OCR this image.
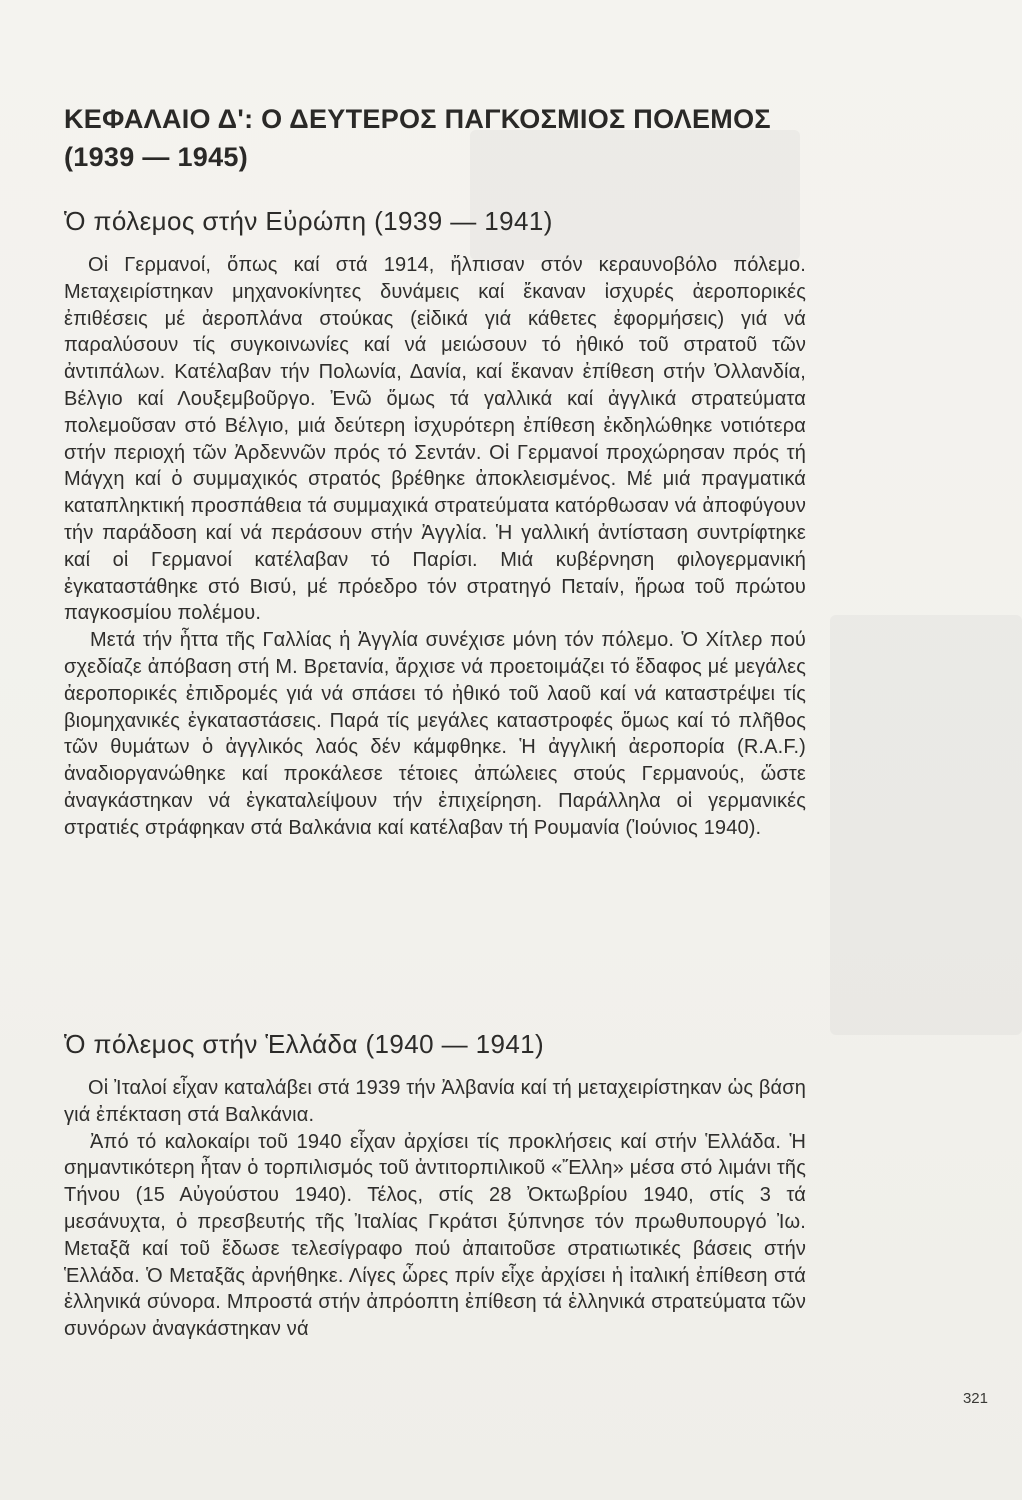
ΚΕΦΑΛΑΙΟ Δ': Ο ΔΕΥΤΕΡΟΣ ΠΑΓΚΟΣΜΙΟΣ ΠΟΛΕΜΟΣ
(1939 — 1945)
Ὁ πόλεμος στήν Εὐρώπη (1939 — 1941)

Οἱ Γερμανοί, ὅπως καί στά 1914, ἤλπισαν στόν κεραυνοβόλο πόλεμο. Μεταχειρίστηκαν μηχανοκίνητες δυνάμεις καί ἔκαναν ἰσχυρές ἀεροπορικές ἐπιθέσεις μέ ἀεροπλάνα στούκας (εἰδικά γιά κάθετες ἐφορμήσεις) γιά νά παραλύσουν τίς συγκοινωνίες καί νά μειώσουν τό ἠθικό τοῦ στρατοῦ τῶν ἀντιπάλων. Κατέλαβαν τήν Πολωνία, Δανία, καί ἔκαναν ἐπίθεση στήν Ὀλλανδία, Βέλγιο καί Λουξεμβοῦργο. Ἐνῶ ὅμως τά γαλλικά καί ἀγγλικά στρατεύματα πολεμοῦσαν στό Βέλγιο, μιά δεύτερη ἰσχυρότερη ἐπίθεση ἐκδηλώθηκε νοτιότερα στήν περιοχή τῶν Ἀρδεννῶν πρός τό Σεντάν. Οἱ Γερμανοί προχώρησαν πρός τή Μάγχη καί ὁ συμμαχικός στρατός βρέθηκε ἀποκλεισμένος. Μέ μιά πραγματικά καταπληκτική προσπάθεια τά συμμαχικά στρατεύματα κατόρθωσαν νά ἀποφύγουν τήν παράδοση καί νά περάσουν στήν Ἀγγλία. Ἡ γαλλική ἀντίσταση συντρίφτηκε καί οἱ Γερμανοί κατέλαβαν τό Παρίσι. Μιά κυβέρνηση φιλογερμανική ἐγκαταστάθηκε στό Βισύ, μέ πρόεδρο τόν στρατηγό Πεταίν, ἥρωα τοῦ πρώτου παγκοσμίου πολέμου.

Μετά τήν ἧττα τῆς Γαλλίας ἡ Ἀγγλία συνέχισε μόνη τόν πόλεμο. Ὁ Χίτλερ πού σχεδίαζε ἀπόβαση στή Μ. Βρετανία, ἄρχισε νά προετοιμάζει τό ἔδαφος μέ μεγάλες ἀεροπορικές ἐπιδρομές γιά νά σπάσει τό ἠθικό τοῦ λαοῦ καί νά καταστρέψει τίς βιομηχανικές ἐγκαταστάσεις. Παρά τίς μεγάλες καταστροφές ὅμως καί τό πλῆθος τῶν θυμάτων ὁ ἀγγλικός λαός δέν κάμφθηκε. Ἡ ἀγγλική ἀεροπορία (R.A.F.) ἀναδιοργανώθηκε καί προκάλεσε τέτοιες ἀπώλειες στούς Γερμανούς, ὥστε ἀναγκάστηκαν νά ἐγκαταλείψουν τήν ἐπιχείρηση. Παράλληλα οἱ γερμανικές στρατιές στράφηκαν στά Βαλκάνια καί κατέλαβαν τή Ρουμανία (Ἰούνιος 1940).

Ὁ πόλεμος στήν Ἑλλάδα (1940 — 1941)

Οἱ Ἰταλοί εἶχαν καταλάβει στά 1939 τήν Ἀλβανία καί τή μεταχειρίστηκαν ὡς βάση γιά ἐπέκταση στά Βαλκάνια.

Ἀπό τό καλοκαίρι τοῦ 1940 εἶχαν ἀρχίσει τίς προκλήσεις καί στήν Ἑλλάδα. Ἡ σημαντικότερη ἦταν ὁ τορπιλισμός τοῦ ἀντιτορπιλικοῦ «Ἔλλη» μέσα στό λιμάνι τῆς Τήνου (15 Αὐγούστου 1940). Τέλος, στίς 28 Ὀκτωβρίου 1940, στίς 3 τά μεσάνυχτα, ὁ πρεσβευτής τῆς Ἰταλίας Γκράτσι ξύπνησε τόν πρωθυπουργό Ἰω. Μεταξᾶ καί τοῦ ἔδωσε τελεσίγραφο πού ἀπαιτοῦσε στρατιωτικές βάσεις στήν Ἑλλάδα. Ὁ Μεταξᾶς ἀρνήθηκε. Λίγες ὧρες πρίν εἶχε ἀρχίσει ἡ ἰταλική ἐπίθεση στά ἑλληνικά σύνορα. Μπροστά στήν ἀπρόοπτη ἐπίθεση τά ἑλληνικά στρατεύματα τῶν συνόρων ἀναγκάστηκαν νά

321
